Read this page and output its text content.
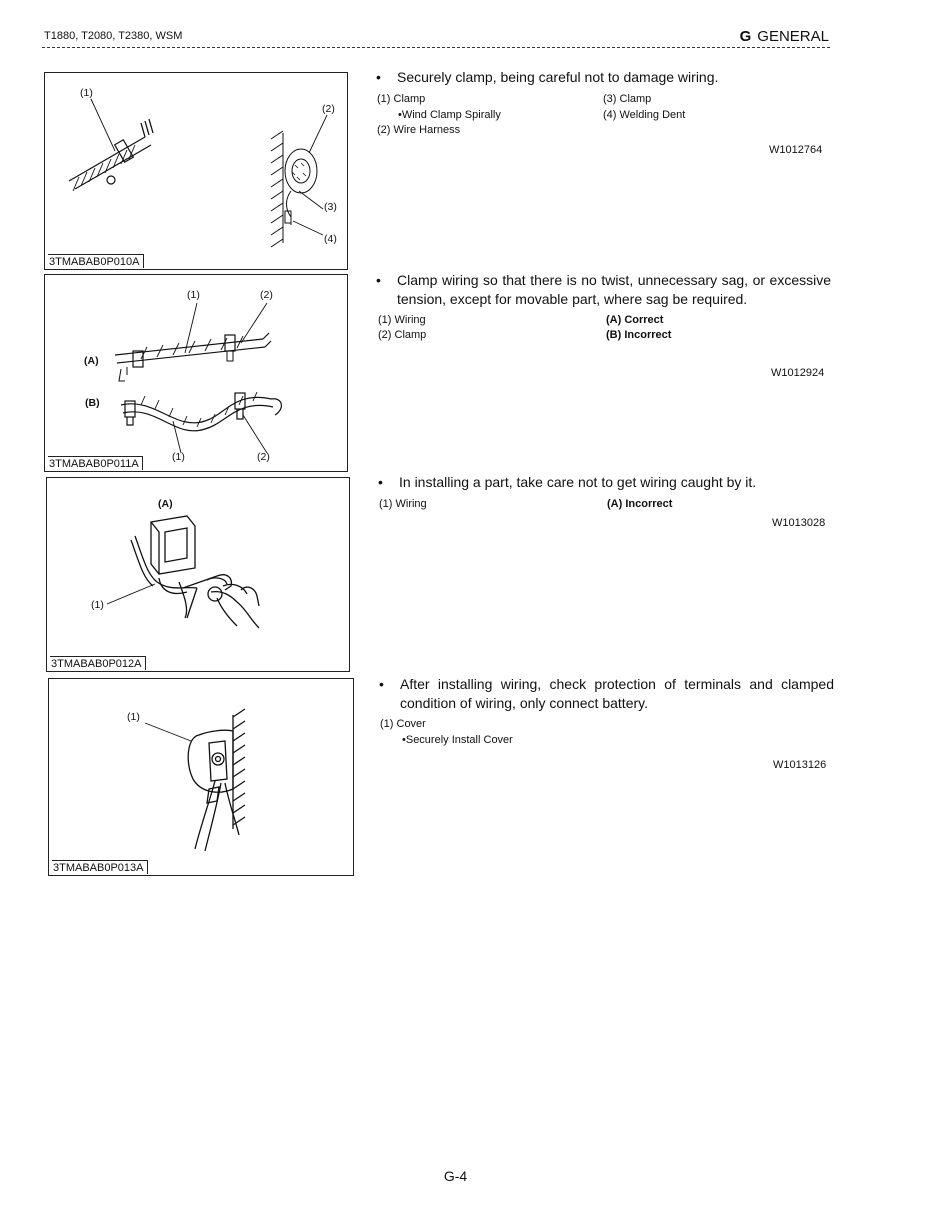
T1880, T2080, T2380, WSM	G GENERAL
(1)
(2)
(3)
(4)
3TMABAB0P010A
(1)	(2)
(A)
(B)
(1)	(2)
3TMABAB0P011A
(A)
(1)
3TMABAB0P012A
(1)
3TMABAB0P013A
• Securely clamp, being careful not to damage wiring.
(1) Clamp
•Wind Clamp Spirally
(2) Wire Harness
(3) Clamp
(4) Welding Dent
W1012764
• Clamp wiring so that there is no twist, unnecessary sag, or excessive tension, except for movable part, where sag be required.
(1) Wiring
(2) Clamp
(A) Correct
(B) Incorrect
W1012924
• In installing a part, take care not to get wiring caught by it.
(1) Wiring	(A) Incorrect
W1013028
• After installing wiring, check protection of terminals and clamped condition of wiring, only connect battery.
(1) Cover
•Securely Install Cover
W1013126
G-4
